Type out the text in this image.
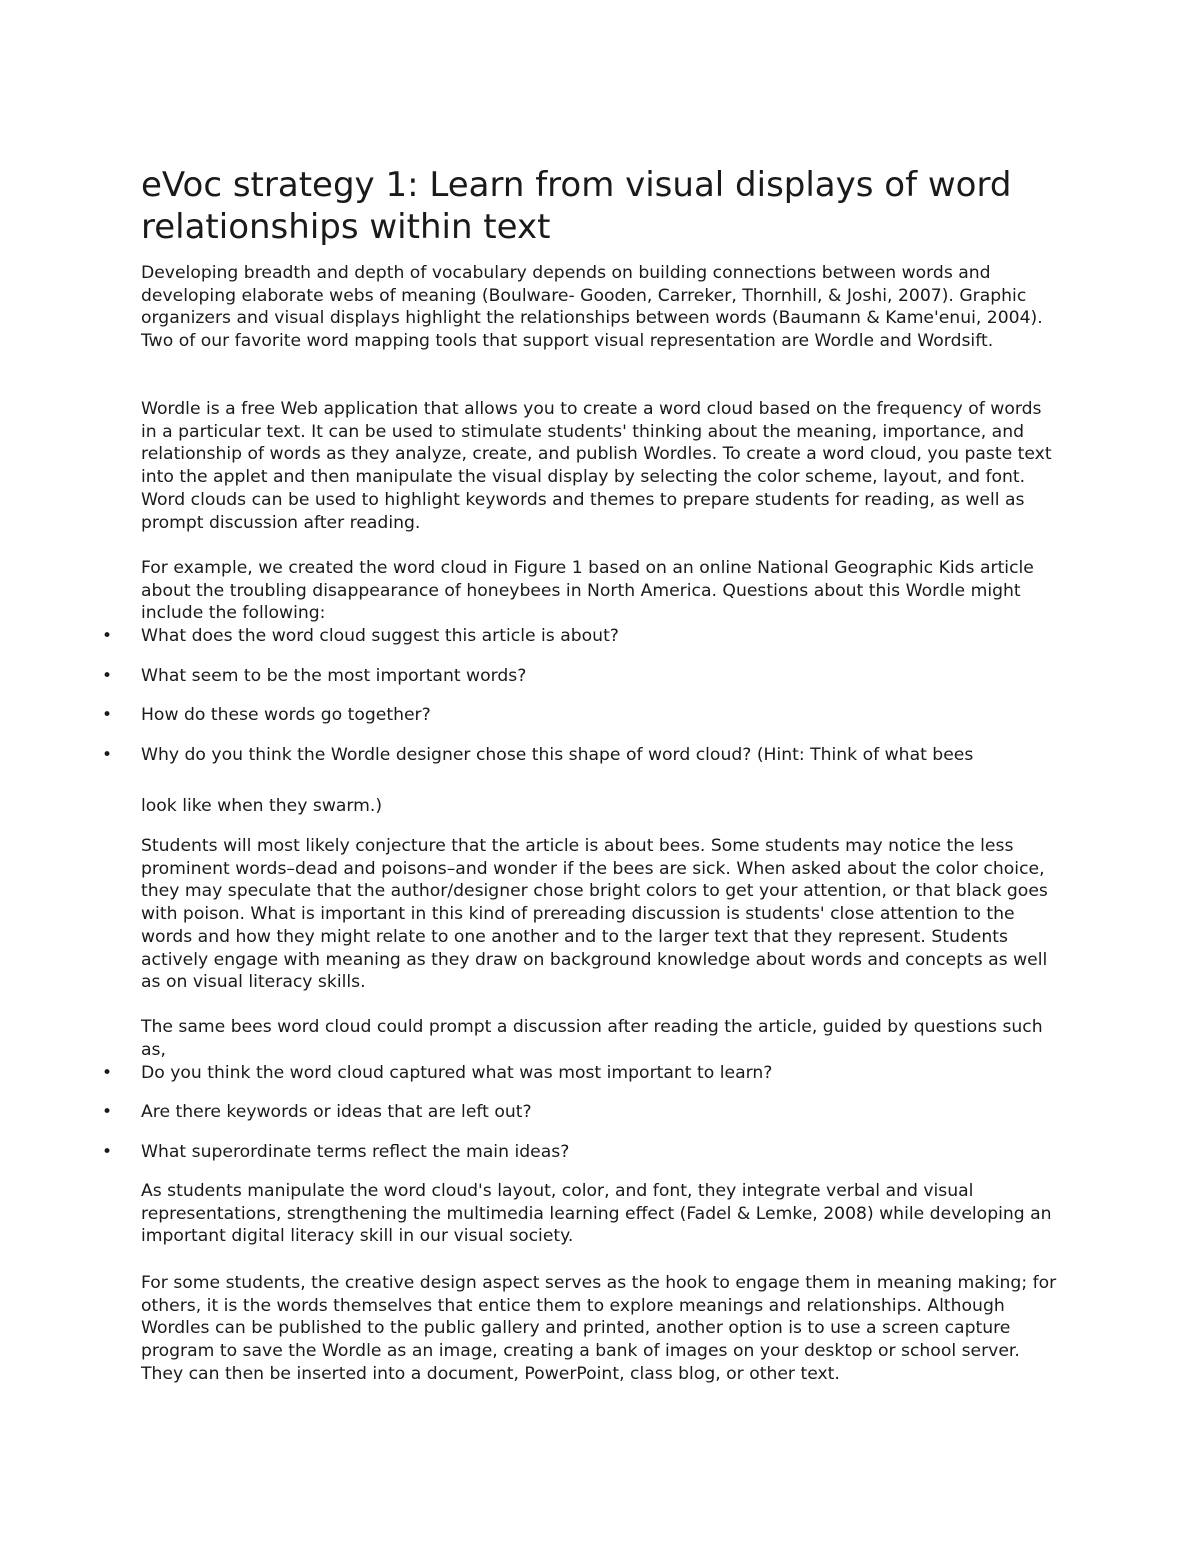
eVoc strategy 1: Learn from visual displays of word relationships within text

Developing breadth and depth of vocabulary depends on building connections between words and developing elaborate webs of meaning (Boulware- Gooden, Carreker, Thornhill, & Joshi, 2007). Graphic organizers and visual displays highlight the relationships between words (Baumann & Kame'enui, 2004). Two of our favorite word mapping tools that support visual representation are Wordle and Wordsift.

Wordle is a free Web application that allows you to create a word cloud based on the frequency of words in a particular text. It can be used to stimulate students' thinking about the meaning, importance, and relationship of words as they analyze, create, and publish Wordles. To create a word cloud, you paste text into the applet and then manipulate the visual display by selecting the color scheme, layout, and font. Word clouds can be used to highlight keywords and themes to prepare students for reading, as well as prompt discussion after reading.

For example, we created the word cloud in Figure 1 based on an online National Geographic Kids article about the troubling disappearance of honeybees in North America. Questions about this Wordle might include the following:

• What does the word cloud suggest this article is about?
• What seem to be the most important words?
• How do these words go together?
• Why do you think the Wordle designer chose this shape of word cloud? (Hint: Think of what bees
look like when they swarm.)

Students will most likely conjecture that the article is about bees. Some students may notice the less prominent words–dead and poisons–and wonder if the bees are sick. When asked about the color choice, they may speculate that the author/designer chose bright colors to get your attention, or that black goes with poison. What is important in this kind of prereading discussion is students' close attention to the words and how they might relate to one another and to the larger text that they represent. Students actively engage with meaning as they draw on background knowledge about words and concepts as well as on visual literacy skills.

The same bees word cloud could prompt a discussion after reading the article, guided by questions such as,

• Do you think the word cloud captured what was most important to learn?
• Are there keywords or ideas that are left out?
• What superordinate terms reflect the main ideas?

As students manipulate the word cloud's layout, color, and font, they integrate verbal and visual representations, strengthening the multimedia learning effect (Fadel & Lemke, 2008) while developing an important digital literacy skill in our visual society.

For some students, the creative design aspect serves as the hook to engage them in meaning making; for others, it is the words themselves that entice them to explore meanings and relationships. Although Wordles can be published to the public gallery and printed, another option is to use a screen capture program to save the Wordle as an image, creating a bank of images on your desktop or school server. They can then be inserted into a document, PowerPoint, class blog, or other text.
